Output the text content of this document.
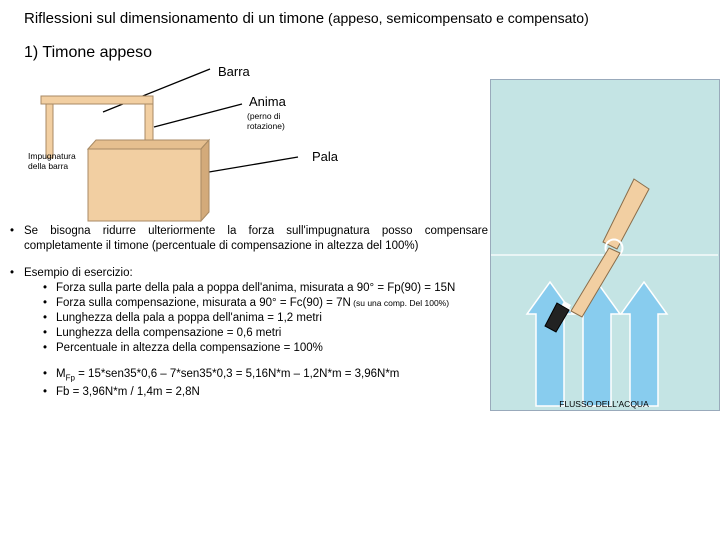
Riflessioni sul dimensionamento di un timone (appeso, semicompensato e compensato)
1) Timone appeso
Barra
Anima
(perno di rotazione)
Impugnatura della barra
Pala
• Se bisogna ridurre ulteriormente la forza sull'impugnatura posso compensare completamente il timone (percentuale di compensazione in altezza del 100%)
• Esempio di esercizio:
• Forza sulla parte della pala a poppa dell'anima, misurata a 90° = Fp(90) = 15N
• Forza sulla compensazione, misurata a 90° = Fc(90) = 7N (su una comp. Del 100%)
• Lunghezza della pala a poppa dell'anima = 1,2 metri
• Lunghezza della compensazione = 0,6 metri
• Percentuale in altezza della compensazione = 100%
• $M_{Fp} = 15*sen35*0,6 - 7*sen35*0,3 = 5,16N*m - 1,2N*m = 3,96N*m$
• Fb = 3,96N*m / 1,4m = 2,8N
FLUSSO DELL'ACQUA
